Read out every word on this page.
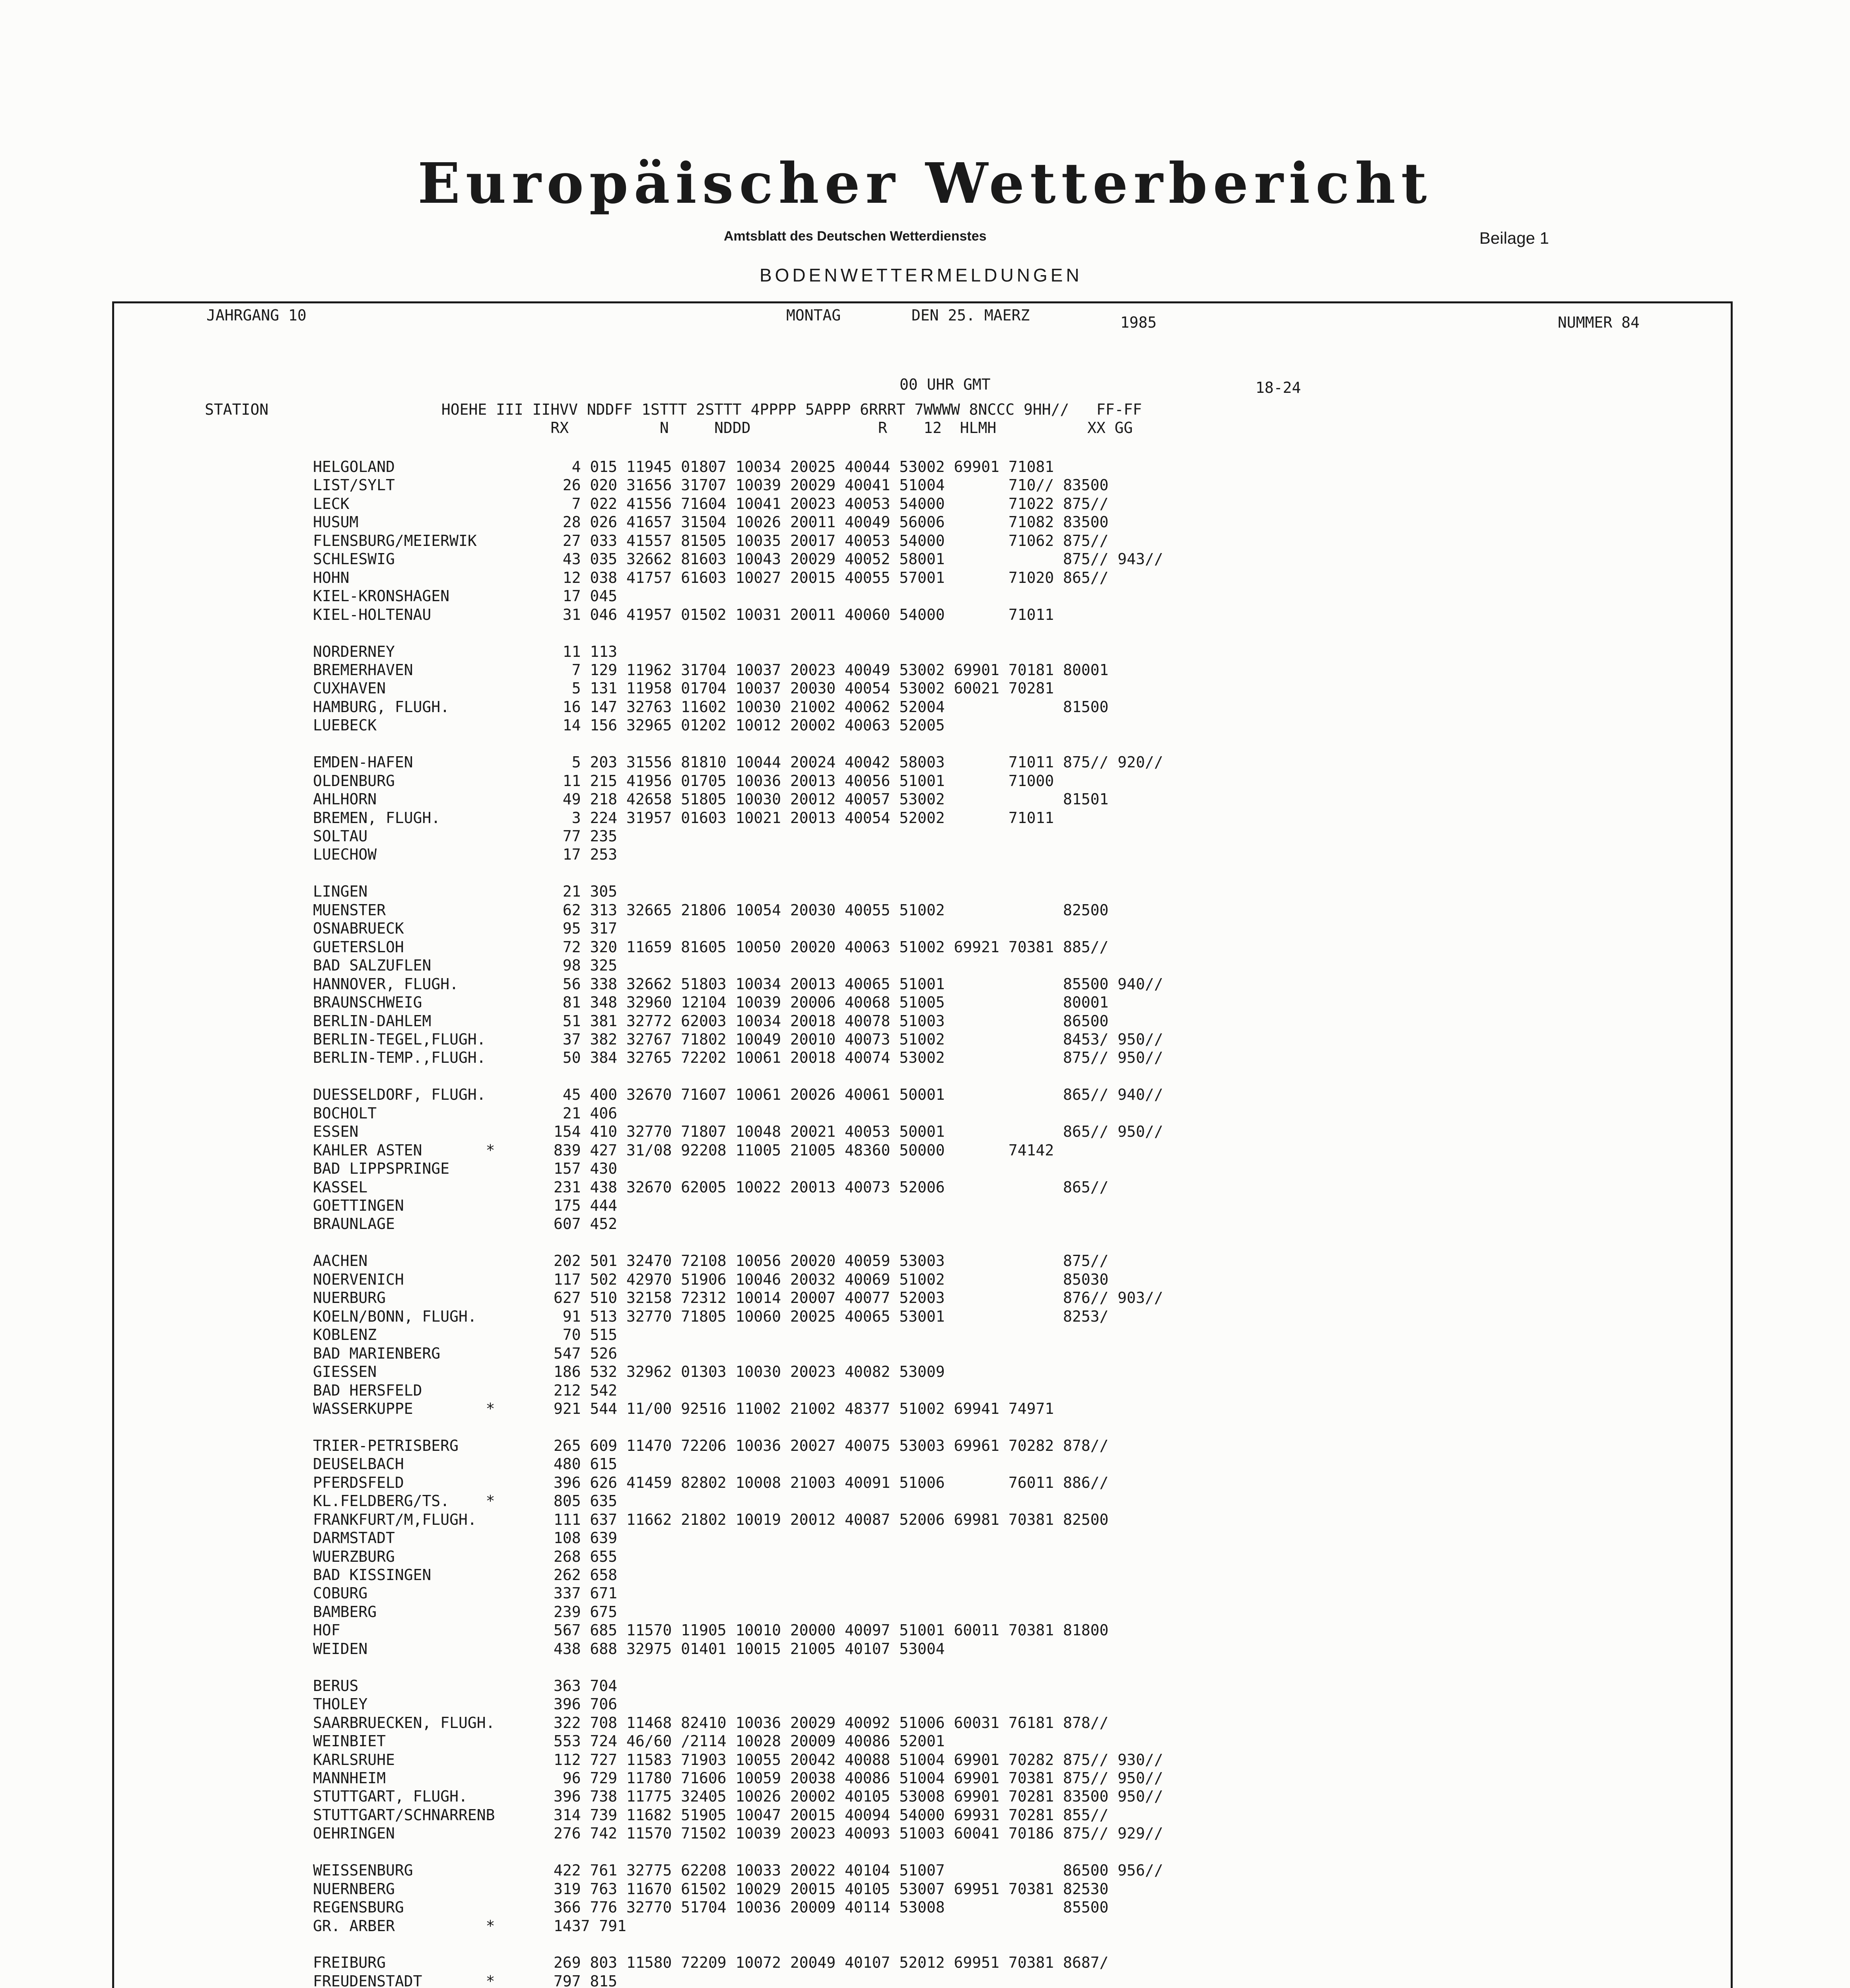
Europäischer Wetterbericht
Amtsblatt des Deutschen Wetterdienstes	Beilage 1
BODENWETTERMELDUNGEN
JAHRGANG 10	MONTAG	DEN 25. MAERZ	1985	NUMMER 84
00 UHR GMT	18-24
STATION                   HOEHE III IIHVV NDDFF 1STTT 2STTT 4PPPP 5APPP 6RRRT 7WWWW 8NCCC 9HH//   FF-FF
RX          N     NDDD              R    12  HLMH          XX GG
HELGOLAND	4 015 11945 01807 10034 20025 40044 53002 69901 71081
LIST/SYLT	26 020 31656 31707 10039 20029 40041 51004       710// 83500
LECK	7 022 41556 71604 10041 20023 40053 54000       71022 875//
HUSUM	28 026 41657 31504 10026 20011 40049 56006       71082 83500
FLENSBURG/MEIERWIK	27 033 41557 81505 10035 20017 40053 54000       71062 875//
SCHLESWIG	43 035 32662 81603 10043 20029 40052 58001             875// 943//
HOHN	12 038 41757 61603 10027 20015 40055 57001       71020 865//
KIEL-KRONSHAGEN	17 045
KIEL-HOLTENAU	31 046 41957 01502 10031 20011 40060 54000       71011
NORDERNEY	11 113
BREMERHAVEN	7 129 11962 31704 10037 20023 40049 53002 69901 70181 80001
CUXHAVEN	5 131 11958 01704 10037 20030 40054 53002 60021 70281
HAMBURG, FLUGH.	16 147 32763 11602 10030 21002 40062 52004             81500
LUEBECK	14 156 32965 01202 10012 20002 40063 52005
EMDEN-HAFEN	5 203 31556 81810 10044 20024 40042 58003       71011 875// 920//
OLDENBURG	11 215 41956 01705 10036 20013 40056 51001       71000
AHLHORN	49 218 42658 51805 10030 20012 40057 53002             81501
BREMEN, FLUGH.	3 224 31957 01603 10021 20013 40054 52002       71011
SOLTAU	77 235
LUECHOW	17 253
LINGEN	21 305
MUENSTER	62 313 32665 21806 10054 20030 40055 51002             82500
OSNABRUECK	95 317
GUETERSLOH	72 320 11659 81605 10050 20020 40063 51002 69921 70381 885//
BAD SALZUFLEN	98 325
HANNOVER, FLUGH.	56 338 32662 51803 10034 20013 40065 51001             85500 940//
BRAUNSCHWEIG	81 348 32960 12104 10039 20006 40068 51005             80001
BERLIN-DAHLEM	51 381 32772 62003 10034 20018 40078 51003             86500
BERLIN-TEGEL,FLUGH.	37 382 32767 71802 10049 20010 40073 51002             8453/ 950//
BERLIN-TEMP.,FLUGH.	50 384 32765 72202 10061 20018 40074 53002             875// 950//
DUESSELDORF, FLUGH.	45 400 32670 71607 10061 20026 40061 50001             865// 940//
BOCHOLT	21 406
ESSEN	154 410 32770 71807 10048 20021 40053 50001             865// 950//
KAHLER ASTEN       *	839 427 31/08 92208 11005 21005 48360 50000       74142
BAD LIPPSPRINGE	157 430
KASSEL	231 438 32670 62005 10022 20013 40073 52006             865//
GOETTINGEN	175 444
BRAUNLAGE	607 452
AACHEN	202 501 32470 72108 10056 20020 40059 53003             875//
NOERVENICH	117 502 42970 51906 10046 20032 40069 51002             85030
NUERBURG	627 510 32158 72312 10014 20007 40077 52003             876// 903//
KOELN/BONN, FLUGH.	91 513 32770 71805 10060 20025 40065 53001             8253/
KOBLENZ	70 515
BAD MARIENBERG	547 526
GIESSEN	186 532 32962 01303 10030 20023 40082 53009
BAD HERSFELD	212 542
WASSERKUPPE        *	921 544 11/00 92516 11002 21002 48377 51002 69941 74971
TRIER-PETRISBERG	265 609 11470 72206 10036 20027 40075 53003 69961 70282 878//
DEUSELBACH	480 615
PFERDSFELD	396 626 41459 82802 10008 21003 40091 51006       76011 886//
KL.FELDBERG/TS.    *	805 635
FRANKFURT/M,FLUGH.	111 637 11662 21802 10019 20012 40087 52006 69981 70381 82500
DARMSTADT	108 639
WUERZBURG	268 655
BAD KISSINGEN	262 658
COBURG	337 671
BAMBERG	239 675
HOF	567 685 11570 11905 10010 20000 40097 51001 60011 70381 81800
WEIDEN	438 688 32975 01401 10015 21005 40107 53004
BERUS	363 704
THOLEY	396 706
SAARBRUECKEN, FLUGH.	322 708 11468 82410 10036 20029 40092 51006 60031 76181 878//
WEINBIET	553 724 46/60 /2114 10028 20009 40086 52001
KARLSRUHE	112 727 11583 71903 10055 20042 40088 51004 69901 70282 875// 930//
MANNHEIM	96 729 11780 71606 10059 20038 40086 51004 69901 70381 875// 950//
STUTTGART, FLUGH.	396 738 11775 32405 10026 20002 40105 53008 69901 70281 83500 950//
STUTTGART/SCHNARRENB	314 739 11682 51905 10047 20015 40094 54000 69931 70281 855//
OEHRINGEN	276 742 11570 71502 10039 20023 40093 51003 60041 70186 875// 929//
WEISSENBURG	422 761 32775 62208 10033 20022 40104 51007             86500 956//
NUERNBERG	319 763 11670 61502 10029 20015 40105 53007 69951 70381 82530
REGENSBURG	366 776 32770 51704 10036 20009 40114 53008             85500
GR. ARBER          *	1437 791
FREIBURG	269 803 11580 72209 10072 20049 40107 52012 69951 70381 8687/
FREUDENSTADT       *	797 815
